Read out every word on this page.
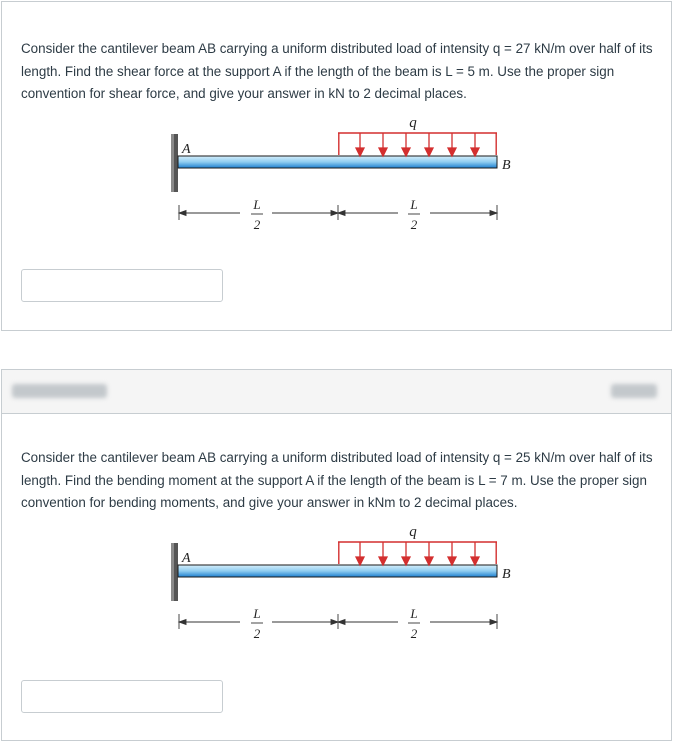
Consider the cantilever beam AB carrying a uniform distributed load of intensity q = 27 kN/m over half of its length. Find the shear force at the support A if the length of the beam is L = 5 m. Use the proper sign convention for shear force, and give your answer in kN to 2 decimal places.

q
A
B
L
2
L
2

Consider the cantilever beam AB carrying a uniform distributed load of intensity q = 25 kN/m over half of its length. Find the bending moment at the support A if the length of the beam is L = 7 m. Use the proper sign convention for bending moments, and give your answer in kNm to 2 decimal places.

q
A
B
L
2
L
2
